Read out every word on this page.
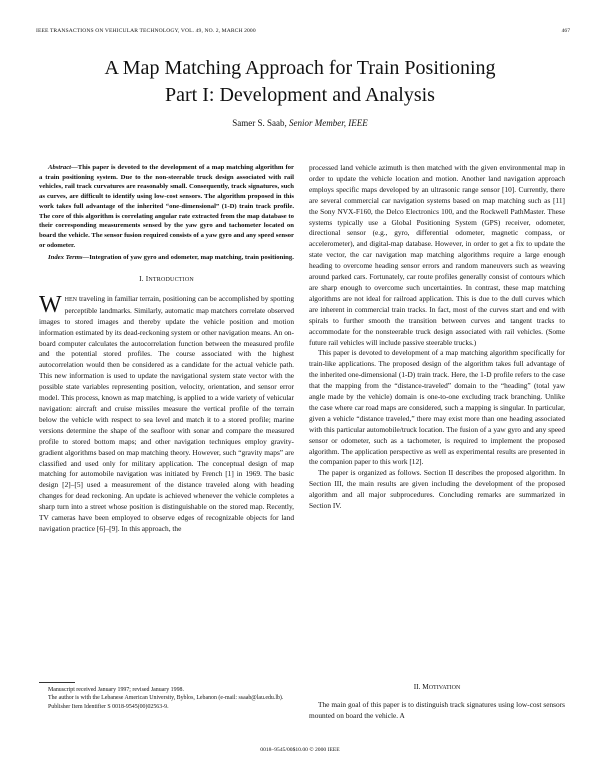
IEEE TRANSACTIONS ON VEHICULAR TECHNOLOGY, VOL. 49, NO. 2, MARCH 2000	467
A Map Matching Approach for Train Positioning
Part I: Development and Analysis
Samer S. Saab, Senior Member, IEEE

Abstract—This paper is devoted to the development of a map matching algorithm for a train positioning system. Due to the non-steerable truck design associated with rail vehicles, rail track curvatures are reasonably small. Consequently, track signatures, such as curves, are difficult to identify using low-cost sensors. The algorithm proposed in this work takes full advantage of the inherited “one-dimensional” (1-D) train track profile. The core of this algorithm is correlating angular rate extracted from the map database to their corresponding measurements sensed by the yaw gyro and tachometer located on board the vehicle. The sensor fusion required consists of a yaw gyro and any speed sensor or odometer.

Index Terms—Integration of yaw gyro and odometer, map matching, train positioning.

I. INTRODUCTION

WHEN traveling in familiar terrain, positioning can be accomplished by spotting perceptible landmarks. Similarly, automatic map matchers correlate observed images to stored images and thereby update the vehicle position and motion information estimated by its dead-reckoning system or other navigation means. An on-board computer calculates the autocorrelation function between the measured profile and the potential stored profiles. The course associated with the highest autocorrelation would then be considered as a candidate for the actual vehicle path. This new information is used to update the navigational system state vector with the possible state variables representing position, velocity, orientation, and sensor error model. This process, known as map matching, is applied to a wide variety of vehicular navigation: aircraft and cruise missiles measure the vertical profile of the terrain below the vehicle with respect to sea level and match it to a stored profile; marine versions determine the shape of the seafloor with sonar and compare the measured profile to stored bottom maps; and other navigation techniques employ gravity-gradient algorithms based on map matching theory. However, such “gravity maps” are classified and used only for military application. The conceptual design of map matching for automobile navigation was initiated by French [1] in 1969. The basic design [2]–[5] used a measurement of the distance traveled along with heading changes for dead reckoning. An update is achieved whenever the vehicle completes a sharp turn into a street whose position is distinguishable on the stored map. Recently, TV cameras have been employed to observe edges of recognizable objects for land navigation practice [6]–[9]. In this approach, the

Manuscript received January 1997; revised January 1998.

The author is with the Lebanese American University, Byblos, Lebanon (e-mail: ssaab@lau.edu.lb).

Publisher Item Identifier S 0018-9545(00)02563-9.

processed land vehicle azimuth is then matched with the given environmental map in order to update the vehicle location and motion. Another land navigation approach employs specific maps developed by an ultrasonic range sensor [10]. Currently, there are several commercial car navigation systems based on map matching such as [11] the Sony NVX-F160, the Delco Electronics 100, and the Rockwell PathMaster. These systems typically use a Global Positioning System (GPS) receiver, odometer, directional sensor (e.g., gyro, differential odometer, magnetic compass, or accelerometer), and digital-map database. However, in order to get a fix to update the state vector, the car navigation map matching algorithms require a large enough heading to overcome heading sensor errors and random maneuvers such as weaving around parked cars. Fortunately, car route profiles generally consist of contours which are sharp enough to overcome such uncertainties. In contrast, these map matching algorithms are not ideal for railroad application. This is due to the dull curves which are inherent in commercial train tracks. In fact, most of the curves start and end with spirals to further smooth the transition between curves and tangent tracks to accommodate for the nonsteerable truck design associated with rail vehicles. (Some future rail vehicles will include passive steerable trucks.)

This paper is devoted to development of a map matching algorithm specifically for train-like applications. The proposed design of the algorithm takes full advantage of the inherited one-dimensional (1-D) train track. Here, the 1-D profile refers to the case that the mapping from the “distance-traveled” domain to the “heading” (total yaw angle made by the vehicle) domain is one-to-one excluding track branching. Unlike the case where car road maps are considered, such a mapping is singular. In particular, given a vehicle “distance traveled,” there may exist more than one heading associated with this particular automobile/truck location. The fusion of a yaw gyro and any speed sensor or odometer, such as a tachometer, is required to implement the proposed algorithm. The application perspective as well as experimental results are presented in the companion paper to this work [12].

The paper is organized as follows. Section II describes the proposed algorithm. In Section III, the main results are given including the development of the proposed algorithm and all major subprocedures. Concluding remarks are summarized in Section IV.

II. MOTIVATION

The main goal of this paper is to distinguish track signatures using low-cost sensors mounted on board the vehicle. A

0018–9545/00$10.00 © 2000 IEEE
